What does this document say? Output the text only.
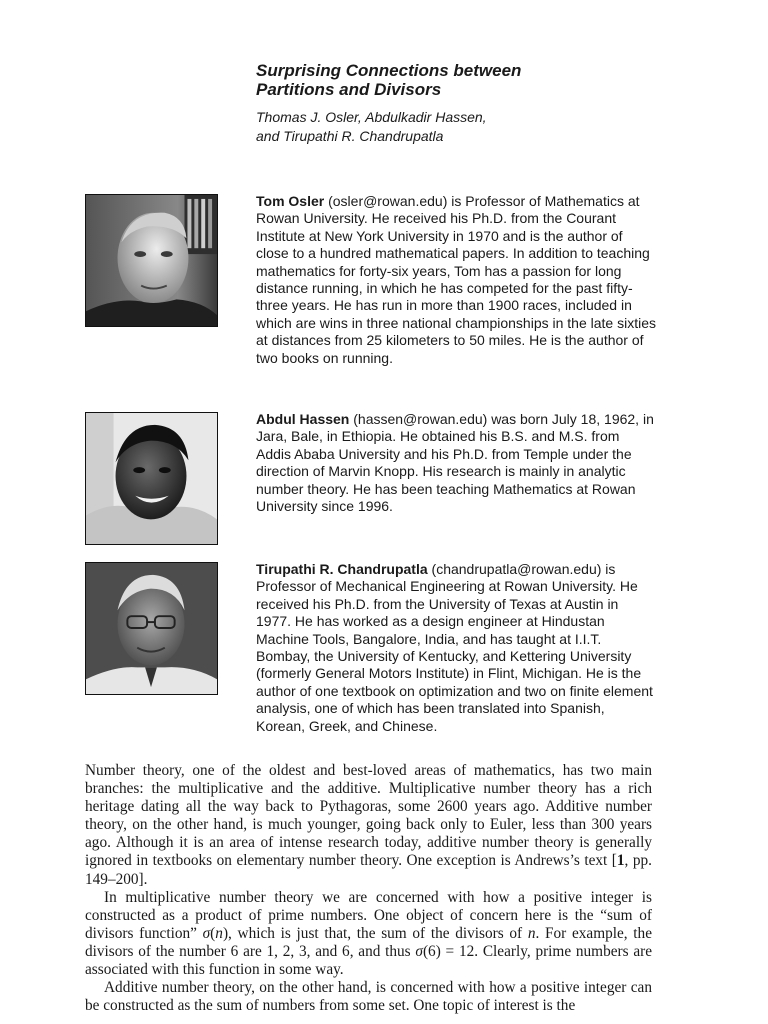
Surprising Connections between
Partitions and Divisors

Thomas J. Osler, Abdulkadir Hassen,
and Tirupathi R. Chandrupatla

Tom Osler (osler@rowan.edu) is Professor of Mathematics at Rowan University. He received his Ph.D. from the Courant Institute at New York University in 1970 and is the author of close to a hundred mathematical papers. In addition to teaching mathematics for forty-six years, Tom has a passion for long distance running, in which he has competed for the past fifty-three years. He has run in more than 1900 races, included in which are wins in three national championships in the late sixties at distances from 25 kilometers to 50 miles. He is the author of two books on running.

Abdul Hassen (hassen@rowan.edu) was born July 18, 1962, in Jara, Bale, in Ethiopia. He obtained his B.S. and M.S. from Addis Ababa University and his Ph.D. from Temple under the direction of Marvin Knopp. His research is mainly in analytic number theory. He has been teaching Mathematics at Rowan University since 1996.

Tirupathi R. Chandrupatla (chandrupatla@rowan.edu) is Professor of Mechanical Engineering at Rowan University. He received his Ph.D. from the University of Texas at Austin in 1977. He has worked as a design engineer at Hindustan Machine Tools, Bangalore, India, and has taught at I.I.T. Bombay, the University of Kentucky, and Kettering University (formerly General Motors Institute) in Flint, Michigan. He is the author of one textbook on optimization and two on finite element analysis, one of which has been translated into Spanish, Korean, Greek, and Chinese.

Number theory, one of the oldest and best-loved areas of mathematics, has two main branches: the multiplicative and the additive. Multiplicative number theory has a rich heritage dating all the way back to Pythagoras, some 2600 years ago. Additive number theory, on the other hand, is much younger, going back only to Euler, less than 300 years ago. Although it is an area of intense research today, additive number theory is generally ignored in textbooks on elementary number theory. One exception is Andrews’s text [1, pp. 149–200].

In multiplicative number theory we are concerned with how a positive integer is constructed as a product of prime numbers. One object of concern here is the “sum of divisors function” σ(n), which is just that, the sum of the divisors of n. For example, the divisors of the number 6 are 1, 2, 3, and 6, and thus σ(6) = 12. Clearly, prime numbers are associated with this function in some way.

Additive number theory, on the other hand, is concerned with how a positive integer can be constructed as the sum of numbers from some set. One topic of interest is the
